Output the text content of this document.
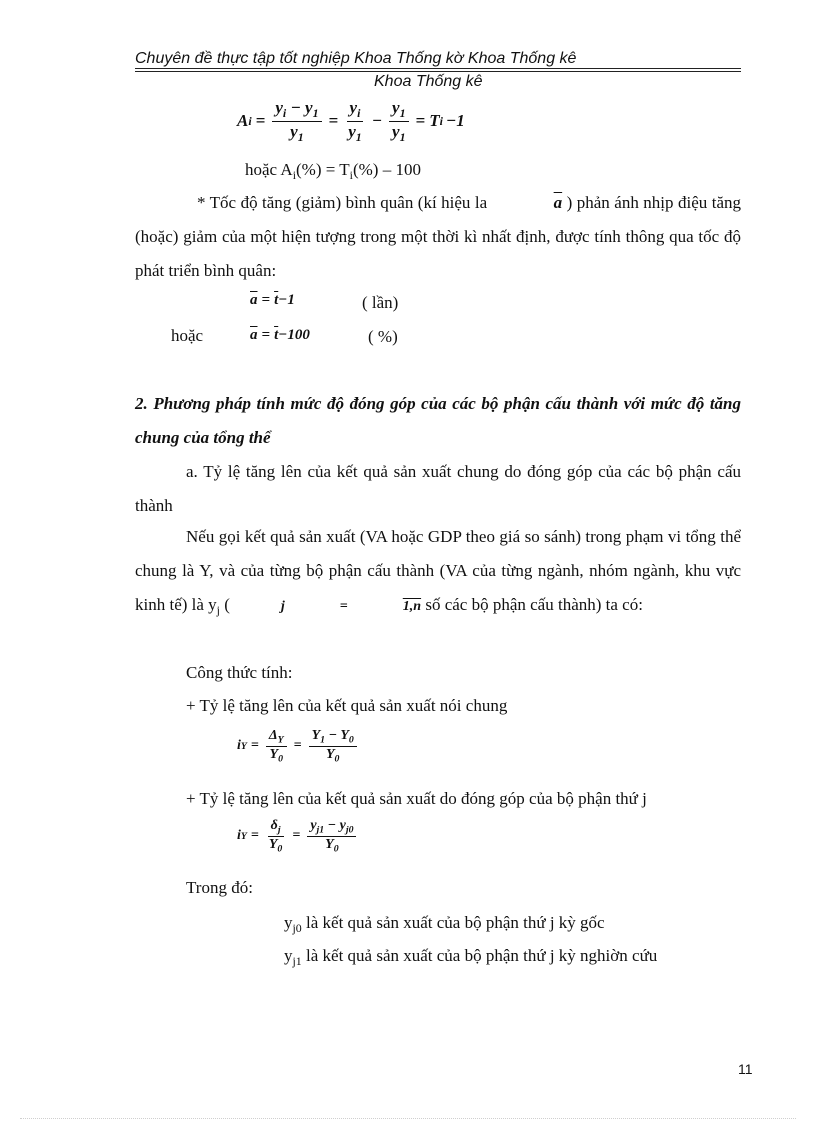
Chuyên đề thực tập tốt nghiệp Khoa Thống kờ Khoa Thống kê
Khoa Thống kê
A $i = \frac{y_i - y_1}{y_1} = \frac{y_i}{y_1} - \frac{y_1}{y_1} = T$ i −1
hoặc $A_i(\%) = T_i(\%) - 100$
* Tốc độ tăng (giảm) bình quân (kí hiệu la	$\overline{a}$ ) phản ánh nhịp điệu tăng (hoặc) giảm của một hiện tượng trong một thời kì nhất định, được tính thông qua tốc độ phát triển bình quân:
$\overline{a} = \overline{t} -1$	( lần)
hoặc	$\overline{a} = \overline{t} -100$	( %)
2. Phương pháp tính mức độ đóng góp của các bộ phận cấu thành với mức độ tăng chung của tổng thể
a. Tỷ lệ tăng lên của kết quả sản xuất chung do đóng góp của các bộ phận cấu thành
Nếu gọi kết quả sản xuất (VA hoặc GDP theo giá so sánh) trong phạm vi tổng thể chung là Y, và của từng bộ phận cấu thành (VA của từng ngành, nhóm ngành, khu vực kinh tế) là $y_j$ (	j	=	1,n số các bộ phận cấu thành) ta có:
Công thức tính:
+ Tỷ lệ tăng lên của kết quả sản xuất nói chung
i $Y = \frac{\Delta_Y}{Y_0} = \frac{Y_1 - Y_0}{Y_0}$
+ Tỷ lệ tăng lên của kết quả sản xuất do đóng góp của bộ phận thứ j
i $Y = \frac{\delta_j}{Y_0} = \frac{y_{j1} - y_{j0}}{Y_0}$
Trong đó:
$y_{j0}$ là kết quả sản xuất của bộ phận thứ j kỳ gốc
$y_{j1}$ là kết quả sản xuất của bộ phận thứ j kỳ nghiờn cứu
11
